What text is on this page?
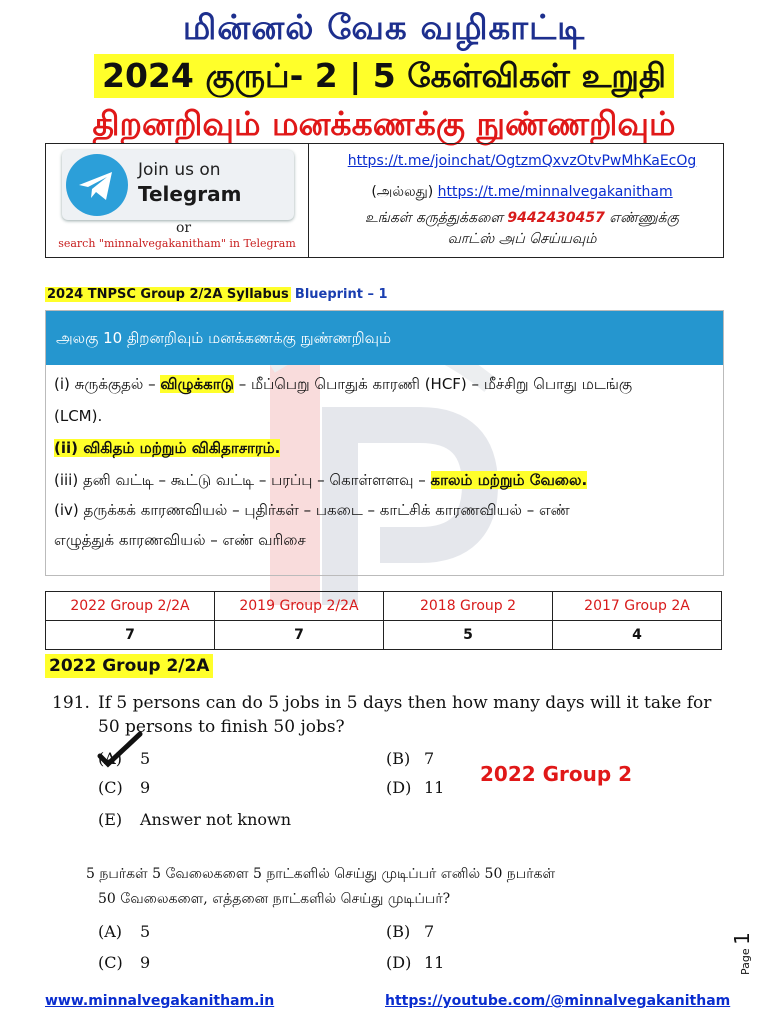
மின்னல் வேக வழிகாட்டி
2024 குருப்- 2 | 5 கேள்விகள் உறுதி
திறனறிவும் மனக்கணக்கு நுண்ணறிவும்
Join us on
Telegram
or
search "minnalvegakanitham" in Telegram
https://t.me/joinchat/OgtzmQxvzOtvPwMhKaEcOg
(அல்லது) https://t.me/minnalvegakanitham
உங்கள் கருத்துக்களை 9442430457 எண்ணுக்கு
வாட்ஸ் அப் செய்யவும்
2024 TNPSC Group 2/2A Syllabus Blueprint – 1
அலகு 10 திறனறிவும் மனக்கணக்கு நுண்ணறிவும்
(i) சுருக்குதல் – விழுக்காடு – மீப்பெறு பொதுக் காரணி (HCF) – மீச்சிறு பொது மடங்கு
(LCM).
(ii) விகிதம் மற்றும் விகிதாசாரம்.
(iii) தனி வட்டி – கூட்டு வட்டி – பரப்பு – கொள்ளளவு – காலம் மற்றும் வேலை.
(iv) தருக்கக் காரணவியல் – புதிர்கள் – பகடை – காட்சிக் காரணவியல் – எண்
எழுத்துக் காரணவியல் – எண் வரிசை
2022 Group 2/2A	2019 Group 2/2A	2018 Group 2	2017 Group 2A
7	7	5	4
2022 Group 2/2A
191. If 5 persons can do 5 jobs in 5 days then how many days will it take for
50 persons to finish 50 jobs?
(A) 5	(B) 7
(C) 9	(D) 11
(E) Answer not known
2022 Group 2
5 நபர்கள் 5 வேலைகளை 5 நாட்களில் செய்து முடிப்பர் எனில் 50 நபர்கள்
50 வேலைகளை, எத்தனை நாட்களில் செய்து முடிப்பர்?
(A) 5	(B) 7
(C) 9	(D) 11	Page 1
www.minnalvegakanitham.in	https://youtube.com/@minnalvegakanitham
